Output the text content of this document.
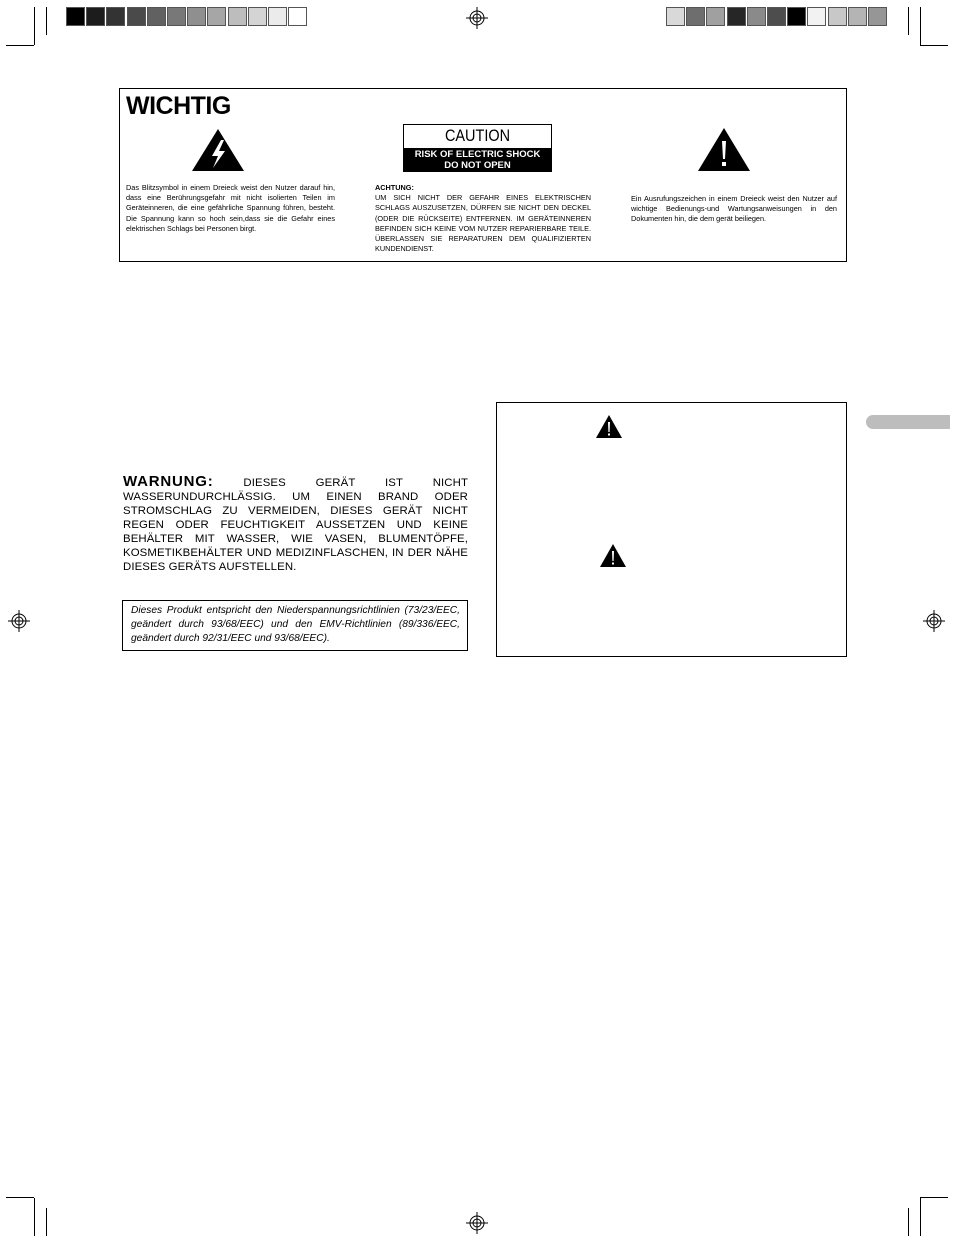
WICHTIG
CAUTION
RISK OF ELECTRIC SHOCK
DO NOT OPEN
Das Blitzsymbol in einem Dreieck weist den Nutzer darauf hin, dass eine Berührungsgefahr mit nicht isolierten Teilen im Geräteinneren, die eine gefährliche Spannung führen, besteht. Die Spannung kann so hoch sein,dass sie die Gefahr eines elektrischen Schlags bei Personen birgt.
ACHTUNG:
UM SICH NICHT DER GEFAHR EINES ELEKTRISCHEN SCHLAGS AUSZUSETZEN, DÜRFEN SIE NICHT DEN DECKEL (ODER DIE RÜCKSEITE) ENTFERNEN. IM GERÄTEINNEREN BEFINDEN SICH KEINE VOM NUTZER REPARIERBARE TEILE. ÜBERLASSEN SIE REPARATUREN DEM QUALIFIZIERTEN KUNDENDIENST.
Ein Ausrufungszeichen in einem Dreieck weist den Nutzer auf wichtige Bedienungs-und Wartungsanweisungen in den Dokumenten hin, die dem gerät beiliegen.
WARNUNG:	DIESES GERÄT IST NICHT WASSERUNDURCHLÄSSIG. UM EINEN BRAND ODER STROMSCHLAG ZU VERMEIDEN, DIESES GERÄT NICHT REGEN ODER FEUCHTIGKEIT AUSSETZEN UND KEINE BEHÄLTER MIT WASSER, WIE VASEN, BLUMENTÖPFE, KOSMETIKBEHÄLTER UND MEDIZINFLASCHEN, IN DER NÄHE DIESES GERÄTS AUFSTELLEN.
Dieses Produkt entspricht den Niederspannungsrichtlinien (73/23/EEC, geändert durch 93/68/EEC) und den EMV-Richtlinien (89/336/EEC, geändert durch 92/31/EEC und 93/68/EEC).
